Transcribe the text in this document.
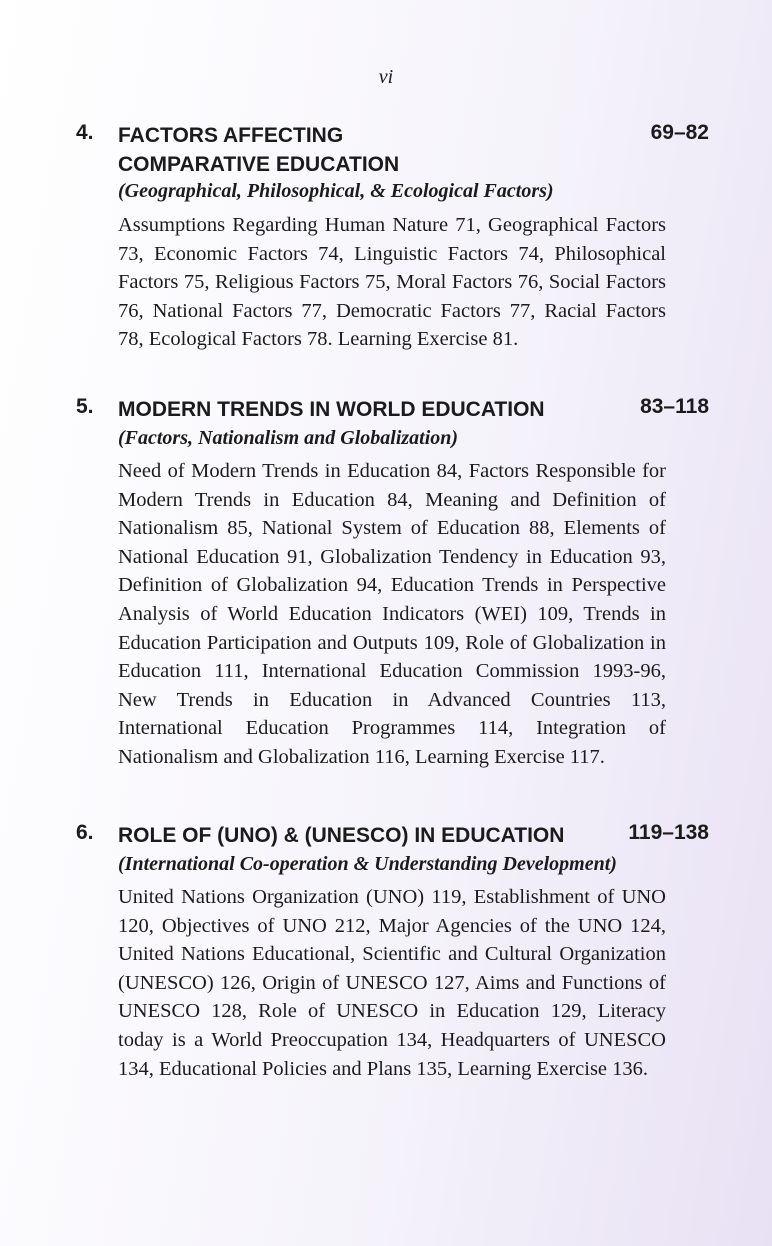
vi
4. FACTORS AFFECTING COMPARATIVE EDUCATION
69–82
(Geographical, Philosophical, & Ecological Factors)
Assumptions Regarding Human Nature 71, Geographical Factors 73, Economic Factors 74, Linguistic Factors 74, Philosophical Factors 75, Religious Factors 75, Moral Factors 76, Social Factors 76, National Factors 77, Democratic Factors 77, Racial Factors 78, Ecological Factors 78. Learning Exercise 81.
5. MODERN TRENDS IN WORLD EDUCATION	83–118
(Factors, Nationalism and Globalization)
Need of Modern Trends in Education 84, Factors Responsible for Modern Trends in Education 84, Meaning and Definition of Nationalism 85, National System of Education 88, Elements of National Education 91, Globalization Tendency in Education 93, Definition of Globalization 94, Education Trends in Perspective Analysis of World Education Indicators (WEI) 109, Trends in Education Participation and Outputs 109, Role of Globalization in Education 111, International Education Commission 1993-96, New Trends in Education in Advanced Countries 113, International Education Programmes 114, Integration of Nationalism and Globalization 116, Learning Exercise 117.
6. ROLE OF (UNO) & (UNESCO) IN EDUCATION	119–138
(International Co-operation & Understanding Development)
United Nations Organization (UNO) 119, Establishment of UNO 120, Objectives of UNO 212, Major Agencies of the UNO 124, United Nations Educational, Scientific and Cultural Organization (UNESCO) 126, Origin of UNESCO 127, Aims and Functions of UNESCO 128, Role of UNESCO in Education 129, Literacy today is a World Preoccupation 134, Headquarters of UNESCO 134, Educational Policies and Plans 135, Learning Exercise 136.
